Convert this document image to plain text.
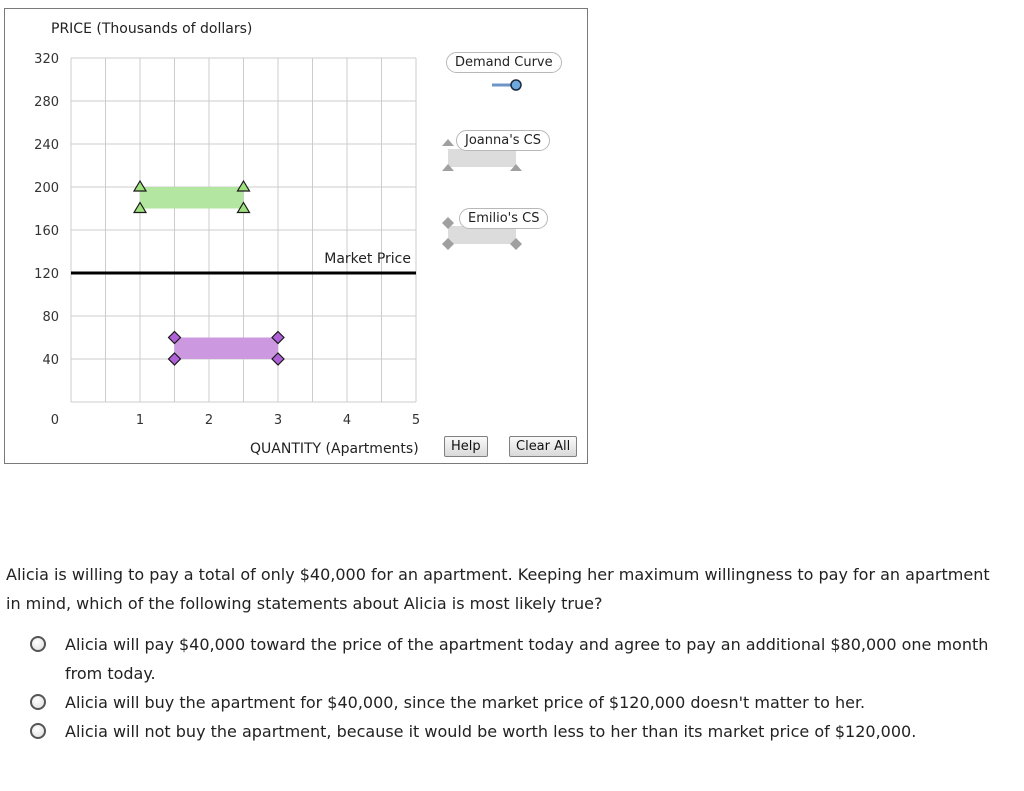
320
280
240
200
160
120
80
40
0	1	2	3	4	5
PRICE (Thousands of dollars)
QUANTITY (Apartments)
Market Price
Demand Curve
Joanna's CS
Emilio's CS
Help	Clear All
Alicia is willing to pay a total of only $40,000 for an apartment. Keeping her maximum willingness to pay for an apartment in mind, which of the following statements about Alicia is most likely true?
Alicia will pay $40,000 toward the price of the apartment today and agree to pay an additional $80,000 one month from today.
Alicia will buy the apartment for $40,000, since the market price of $120,000 doesn't matter to her.
Alicia will not buy the apartment, because it would be worth less to her than its market price of $120,000.
